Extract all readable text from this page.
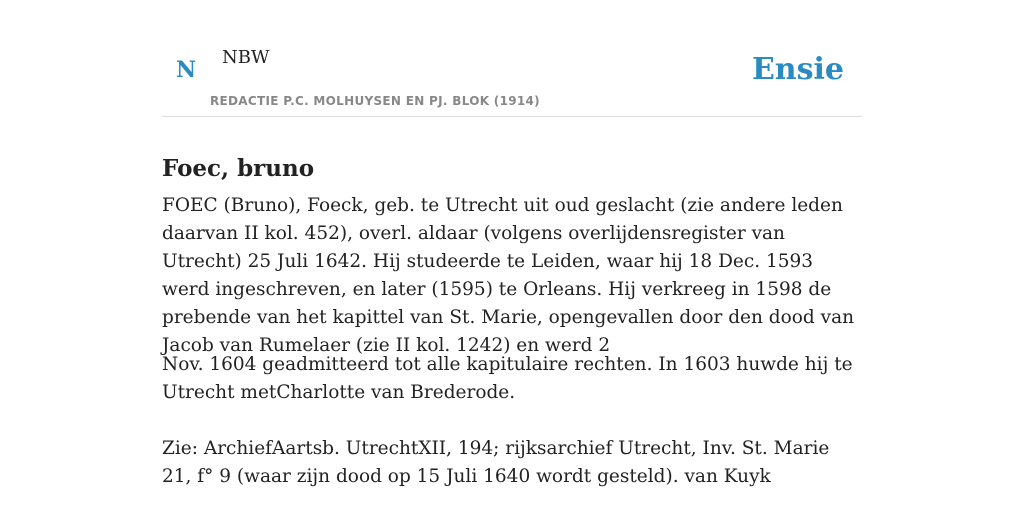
N NBW
REDACTIE P.C. MOLHUYSEN EN PJ. BLOK (1914)
Ensie
Foec, bruno

FOEC (Bruno), Foeck, geb. te Utrecht uit oud geslacht (zie andere leden daarvan II kol. 452), overl. aldaar (volgens overlijdensregister van Utrecht) 25 Juli 1642. Hij studeerde te Leiden, waar hij 18 Dec. 1593 werd ingeschreven, en later (1595) te Orleans. Hij verkreeg in 1598 de prebende van het kapittel van St. Marie, opengevallen door den dood van Jacob van Rumelaer (zie II kol. 1242) en werd 2

Nov. 1604 geadmitteerd tot alle kapitulaire rechten. In 1603 huwde hij te Utrecht metCharlotte van Brederode.

Zie: ArchiefAartsb. UtrechtXII, 194; rijksarchief Utrecht, Inv. St. Marie 21, f° 9 (waar zijn dood op 15 Juli 1640 wordt gesteld). van Kuyk
